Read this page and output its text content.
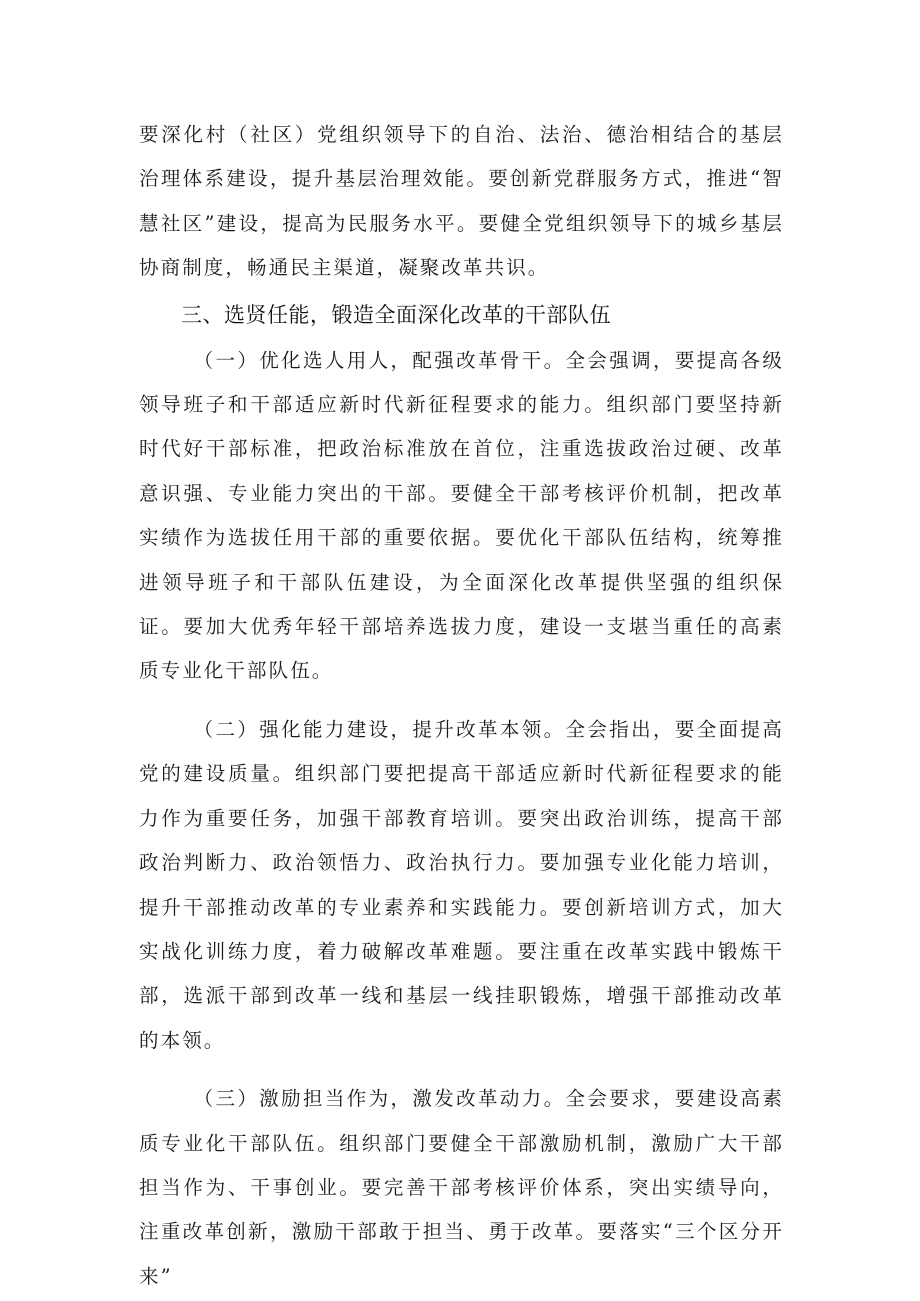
要深化村（社区）党组织领导下的自治、法治、德治相结合的基层治理体系建设，提升基层治理效能。要创新党群服务方式，推进“智慧社区”建设，提高为民服务水平。要健全党组织领导下的城乡基层协商制度，畅通民主渠道，凝聚改革共识。

三、选贤任能，锻造全面深化改革的干部队伍

（一）优化选人用人，配强改革骨干。全会强调，要提高各级领导班子和干部适应新时代新征程要求的能力。组织部门要坚持新时代好干部标准，把政治标准放在首位，注重选拔政治过硬、改革意识强、专业能力突出的干部。要健全干部考核评价机制，把改革实绩作为选拔任用干部的重要依据。要优化干部队伍结构，统筹推进领导班子和干部队伍建设，为全面深化改革提供坚强的组织保证。要加大优秀年轻干部培养选拔力度，建设一支堪当重任的高素质专业化干部队伍。

（二）强化能力建设，提升改革本领。全会指出，要全面提高党的建设质量。组织部门要把提高干部适应新时代新征程要求的能力作为重要任务，加强干部教育培训。要突出政治训练，提高干部政治判断力、政治领悟力、政治执行力。要加强专业化能力培训，提升干部推动改革的专业素养和实践能力。要创新培训方式，加大实战化训练力度，着力破解改革难题。要注重在改革实践中锻炼干部，选派干部到改革一线和基层一线挂职锻炼，增强干部推动改革的本领。

（三）激励担当作为，激发改革动力。全会要求，要建设高素质专业化干部队伍。组织部门要健全干部激励机制，激励广大干部担当作为、干事创业。要完善干部考核评价体系，突出实绩导向，注重改革创新，激励干部敢于担当、勇于改革。要落实“三个区分开来”
